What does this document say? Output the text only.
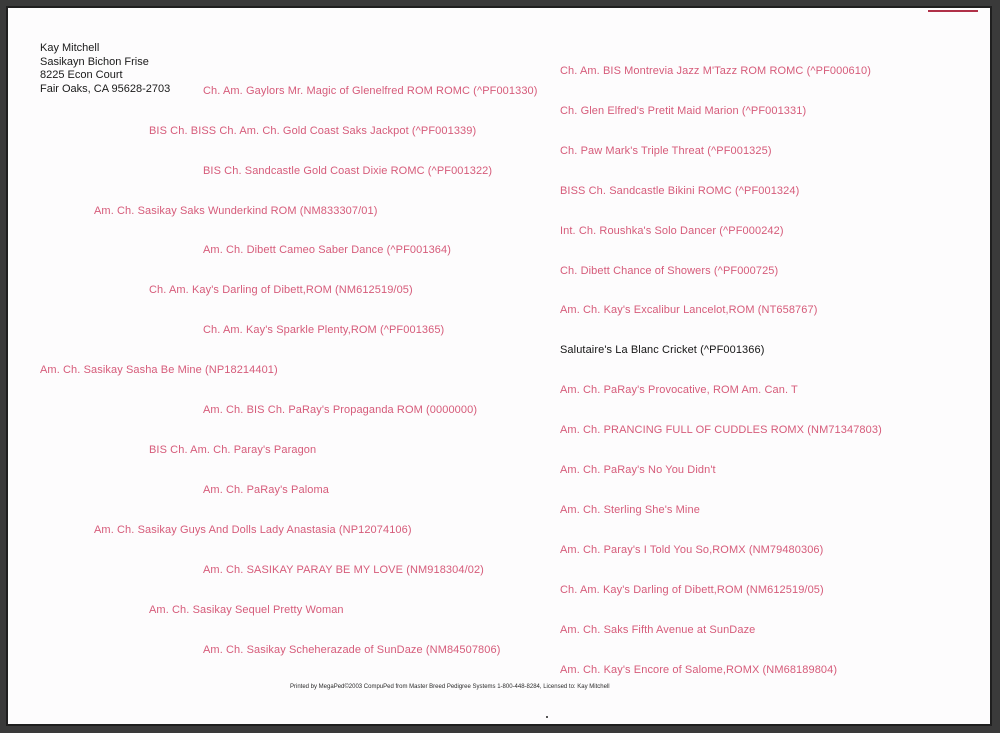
Kay Mitchell
Sasikayn Bichon Frise
8225 Econ Court
Fair Oaks, CA 95628-2703	Ch. Am. Gaylors Mr. Magic of Glenelfred ROM ROMC (^PF001330)
BIS Ch. BISS Ch. Am. Ch. Gold Coast Saks Jackpot (^PF001339)
BIS Ch. Sandcastle Gold Coast Dixie ROMC (^PF001322)
Am. Ch. Sasikay Saks Wunderkind ROM (NM833307/01)
Am. Ch. Dibett Cameo Saber Dance (^PF001364)
Ch. Am. Kay's Darling of Dibett,ROM (NM612519/05)
Ch. Am. Kay's Sparkle Plenty,ROM (^PF001365)
Am. Ch. Sasikay Sasha Be Mine (NP18214401)
Am. Ch. BIS Ch. PaRay's Propaganda ROM (0000000)
BIS Ch. Am. Ch. Paray's Paragon
Am. Ch. PaRay's Paloma
Am. Ch. Sasikay Guys And Dolls Lady Anastasia (NP12074106)
Am. Ch. SASIKAY PARAY BE MY LOVE (NM918304/02)
Am. Ch. Sasikay Sequel Pretty Woman
Am. Ch. Sasikay Scheherazade of SunDaze (NM84507806)
Ch. Am. BIS Montrevia Jazz M'Tazz ROM ROMC (^PF000610)
Ch. Glen Elfred's Pretit Maid Marion (^PF001331)
Ch. Paw Mark's Triple Threat (^PF001325)
BISS Ch. Sandcastle Bikini ROMC (^PF001324)
Int. Ch. Roushka's Solo Dancer (^PF000242)
Ch. Dibett Chance of Showers (^PF000725)
Am. Ch. Kay's Excalibur Lancelot,ROM (NT658767)
Salutaire's La Blanc Cricket (^PF001366)
Am. Ch. PaRay's Provocative, ROM Am. Can. T
Am. Ch. PRANCING FULL OF CUDDLES ROMX (NM71347803)
Am. Ch. PaRay's No You Didn't
Am. Ch. Sterling She's Mine
Am. Ch. Paray's I Told You So,ROMX (NM79480306)
Ch. Am. Kay's Darling of Dibett,ROM (NM612519/05)
Am. Ch. Saks Fifth Avenue at SunDaze
Am. Ch. Kay's Encore of Salome,ROMX (NM68189804)
Printed by MegaPed©2003 CompuPed from Master Breed Pedigree Systems 1-800-448-8284, Licensed to: Kay Mitchell
